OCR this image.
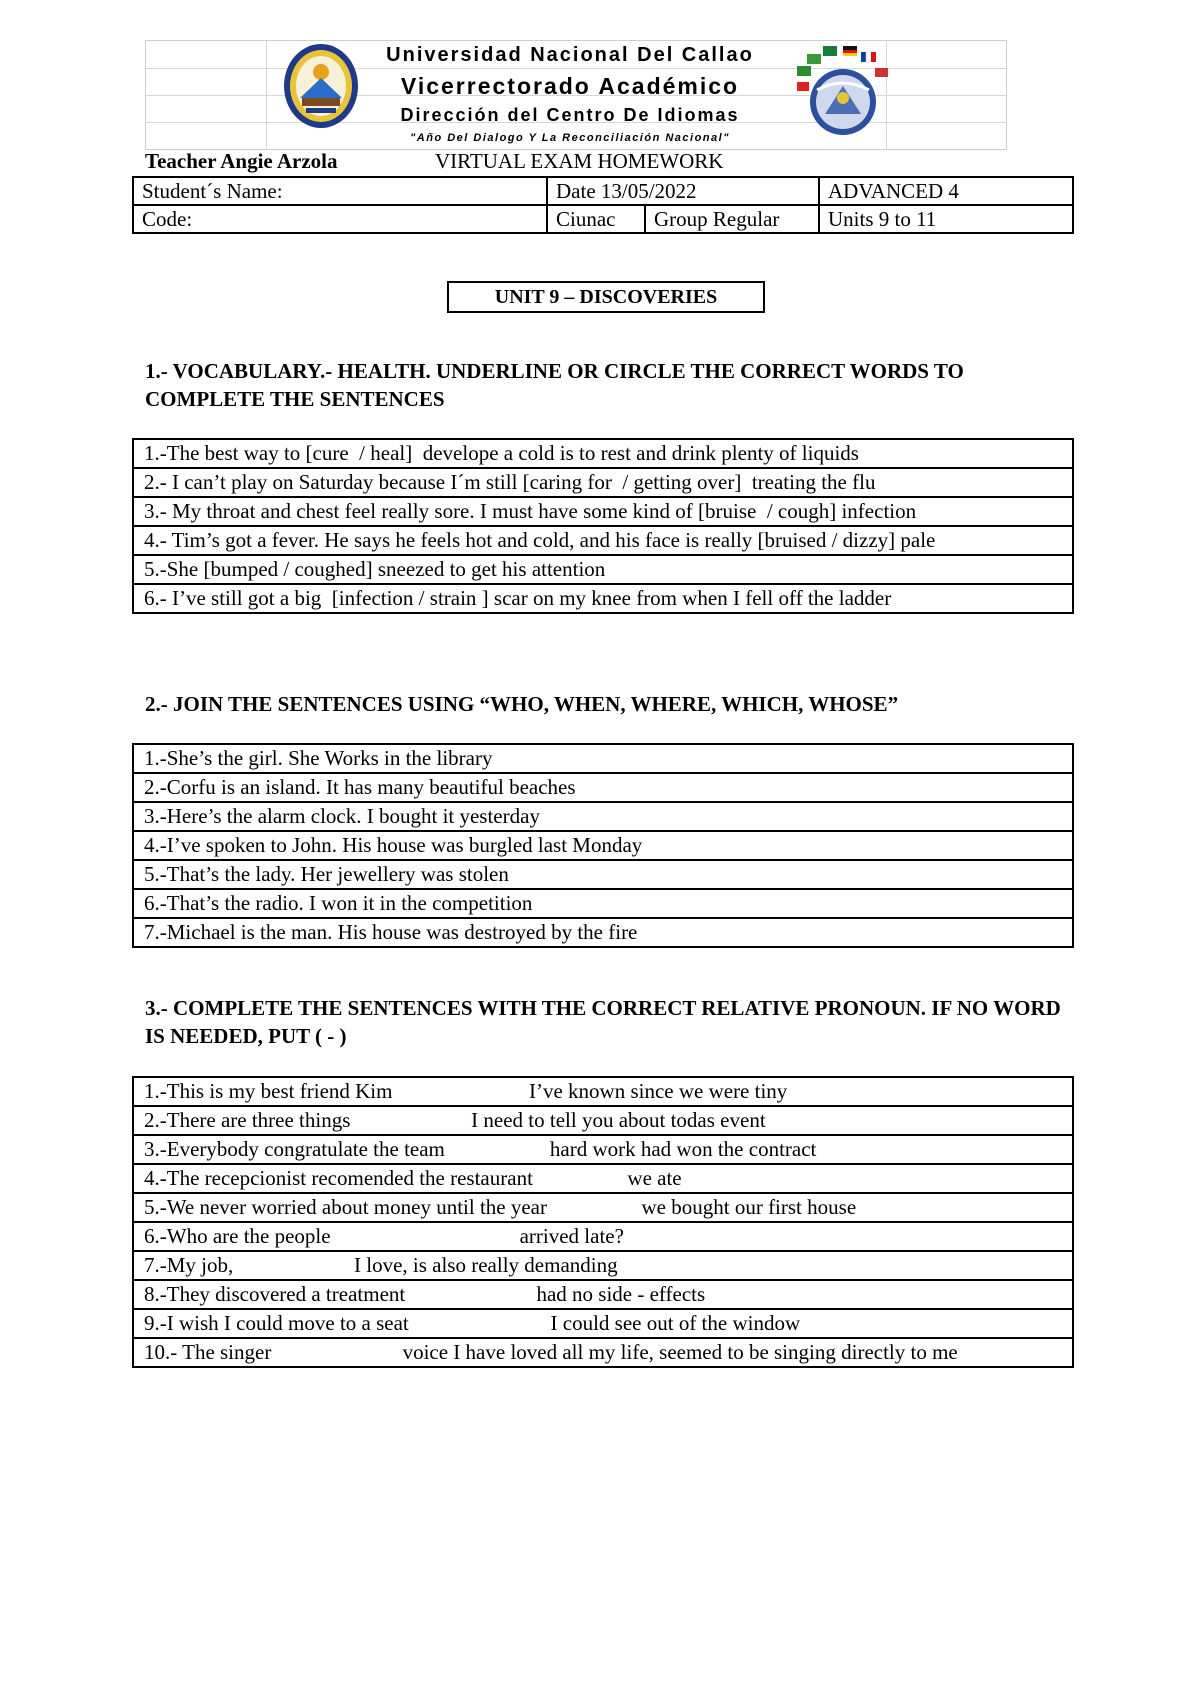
Universidad Nacional Del Callao
Vicerrectorado Académico
Dirección del Centro De Idiomas
"Año Del Dialogo Y La Reconciliación Nacional"
Teacher Angie Arzola	VIRTUAL EXAM HOMEWORK
Student´s Name:	Date 13/05/2022		ADVANCED 4
Code:	Ciunac	Group Regular	Units 9 to 11
UNIT 9 – DISCOVERIES
1.- VOCABULARY.- HEALTH. UNDERLINE OR CIRCLE THE CORRECT WORDS TO COMPLETE THE SENTENCES
1.-The best way to [cure  / heal]  develope a cold is to rest and drink plenty of liquids
2.- I can’t play on Saturday because I´m still [caring for  / getting over]  treating the flu
3.- My throat and chest feel really sore. I must have some kind of [bruise  / cough] infection
4.- Tim’s got a fever. He says he feels hot and cold, and his face is really [bruised / dizzy] pale
5.-She [bumped / coughed] sneezed to get his attention
6.- I’ve still got a big  [infection / strain ] scar on my knee from when I fell off the ladder
2.- JOIN THE SENTENCES USING “WHO, WHEN, WHERE, WHICH, WHOSE”
1.-She’s the girl. She Works in the library
2.-Corfu is an island. It has many beautiful beaches
3.-Here’s the alarm clock. I bought it yesterday
4.-I’ve spoken to John. His house was burgled last Monday
5.-That’s the lady. Her jewellery was stolen
6.-That’s the radio. I won it in the competition
7.-Michael is the man. His house was destroyed by the fire
3.- COMPLETE THE SENTENCES WITH THE CORRECT RELATIVE PRONOUN. IF NO WORD IS NEEDED, PUT ( - )
1.-This is my best friend Kim                          I’ve known since we were tiny
2.-There are three things                       I need to tell you about todas event
3.-Everybody congratulate the team                    hard work had won the contract
4.-The recepcionist recomended the restaurant                  we ate
5.-We never worried about money until the year                  we bought our first house
6.-Who are the people                                    arrived late?
7.-My job,                       I love, is also really demanding
8.-They discovered a treatment                         had no side - effects
9.-I wish I could move to a seat                           I could see out of the window
10.- The singer                         voice I have loved all my life, seemed to be singing directly to me
